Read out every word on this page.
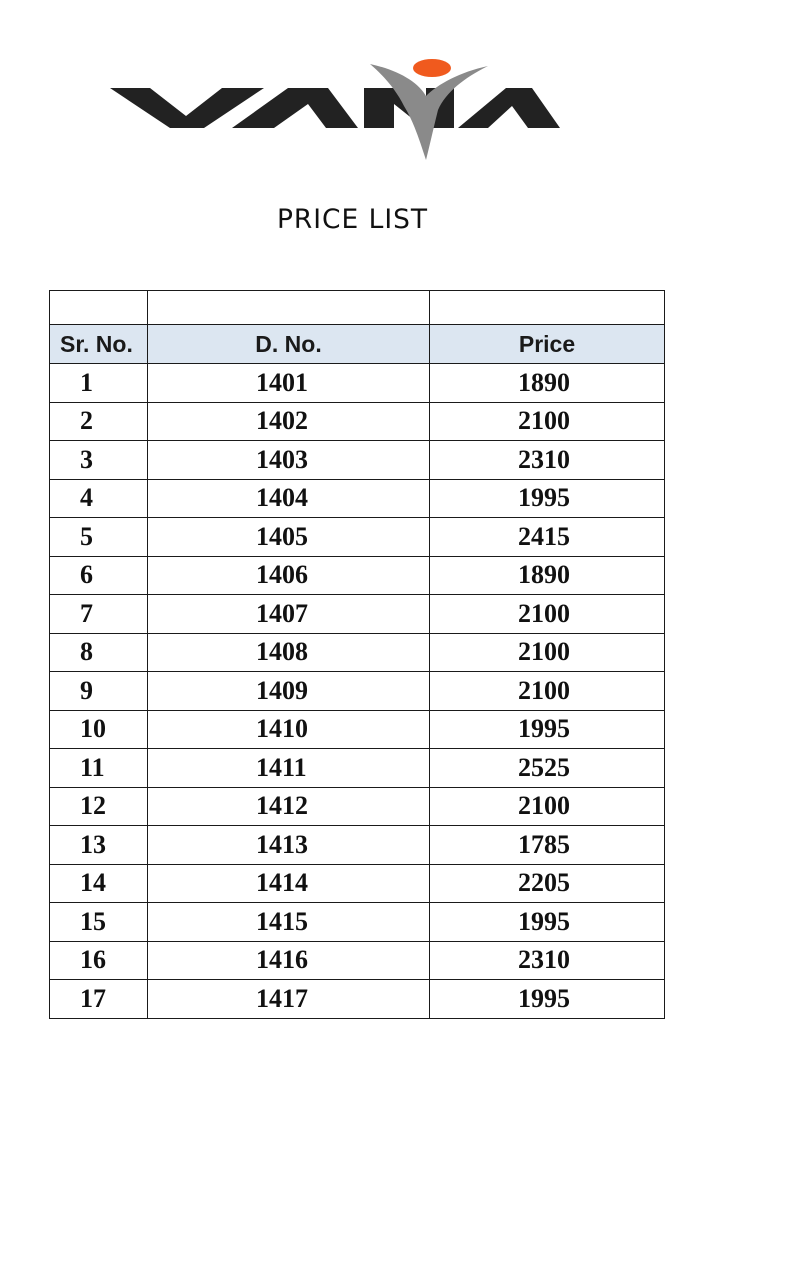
PRICE LIST

Sr. No.	D. No.	Price
1	1401	1890
2	1402	2100
3	1403	2310
4	1404	1995
5	1405	2415
6	1406	1890
7	1407	2100
8	1408	2100
9	1409	2100
10	1410	1995
11	1411	2525
12	1412	2100
13	1413	1785
14	1414	2205
15	1415	1995
16	1416	2310
17	1417	1995
